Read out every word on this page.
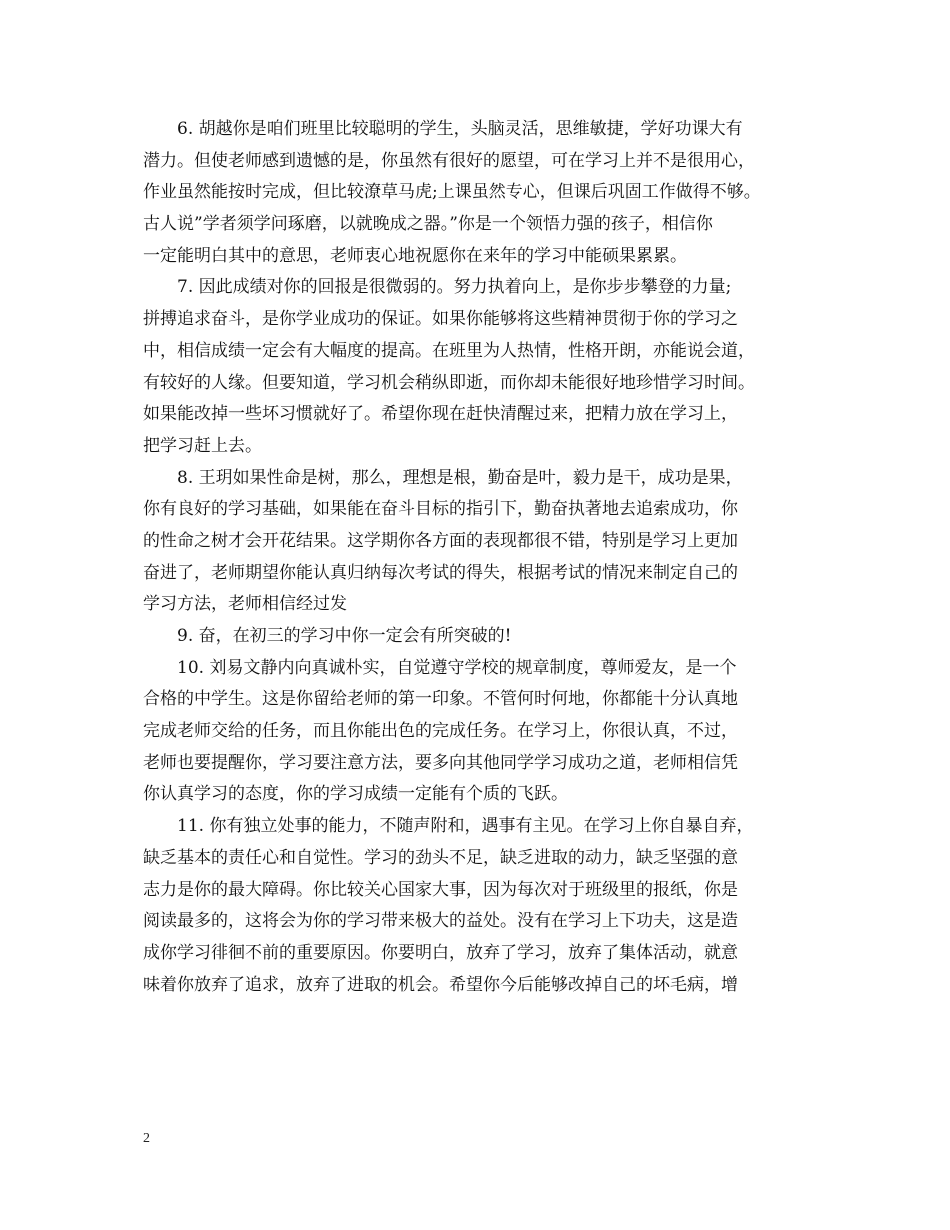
6. 胡越你是咱们班里比较聪明的学生，头脑灵活，思维敏捷，学好功课大有
潜力。但使老师感到遗憾的是，你虽然有很好的愿望，可在学习上并不是很用心，
作业虽然能按时完成，但比较潦草马虎;上课虽然专心，但课后巩固工作做得不够。
古人说”学者须学问琢磨，以就晚成之器。”你是一个领悟力强的孩子，相信你
一定能明白其中的意思，老师衷心地祝愿你在来年的学习中能硕果累累。
7. 因此成绩对你的回报是很微弱的。努力执着向上，是你步步攀登的力量;
拼搏追求奋斗，是你学业成功的保证。如果你能够将这些精神贯彻于你的学习之
中，相信成绩一定会有大幅度的提高。在班里为人热情，性格开朗，亦能说会道，
有较好的人缘。但要知道，学习机会稍纵即逝，而你却未能很好地珍惜学习时间。
如果能改掉一些坏习惯就好了。希望你现在赶快清醒过来，把精力放在学习上，
把学习赶上去。
8. 王玥如果性命是树，那么，理想是根，勤奋是叶，毅力是干，成功是果，
你有良好的学习基础，如果能在奋斗目标的指引下，勤奋执著地去追索成功，你
的性命之树才会开花结果。这学期你各方面的表现都很不错，特别是学习上更加
奋进了，老师期望你能认真归纳每次考试的得失，根据考试的情况来制定自己的
学习方法，老师相信经过发
9. 奋，在初三的学习中你一定会有所突破的!
10. 刘易文静内向真诚朴实，自觉遵守学校的规章制度，尊师爱友，是一个
合格的中学生。这是你留给老师的第一印象。不管何时何地，你都能十分认真地
完成老师交给的任务，而且你能出色的完成任务。在学习上，你很认真，不过，
老师也要提醒你，学习要注意方法，要多向其他同学学习成功之道，老师相信凭
你认真学习的态度，你的学习成绩一定能有个质的飞跃。
11. 你有独立处事的能力，不随声附和，遇事有主见。在学习上你自暴自弃，
缺乏基本的责任心和自觉性。学习的劲头不足，缺乏进取的动力，缺乏坚强的意
志力是你的最大障碍。你比较关心国家大事，因为每次对于班级里的报纸，你是
阅读最多的，这将会为你的学习带来极大的益处。没有在学习上下功夫，这是造
成你学习徘徊不前的重要原因。你要明白，放弃了学习，放弃了集体活动，就意
味着你放弃了追求，放弃了进取的机会。希望你今后能够改掉自己的坏毛病，增
2
